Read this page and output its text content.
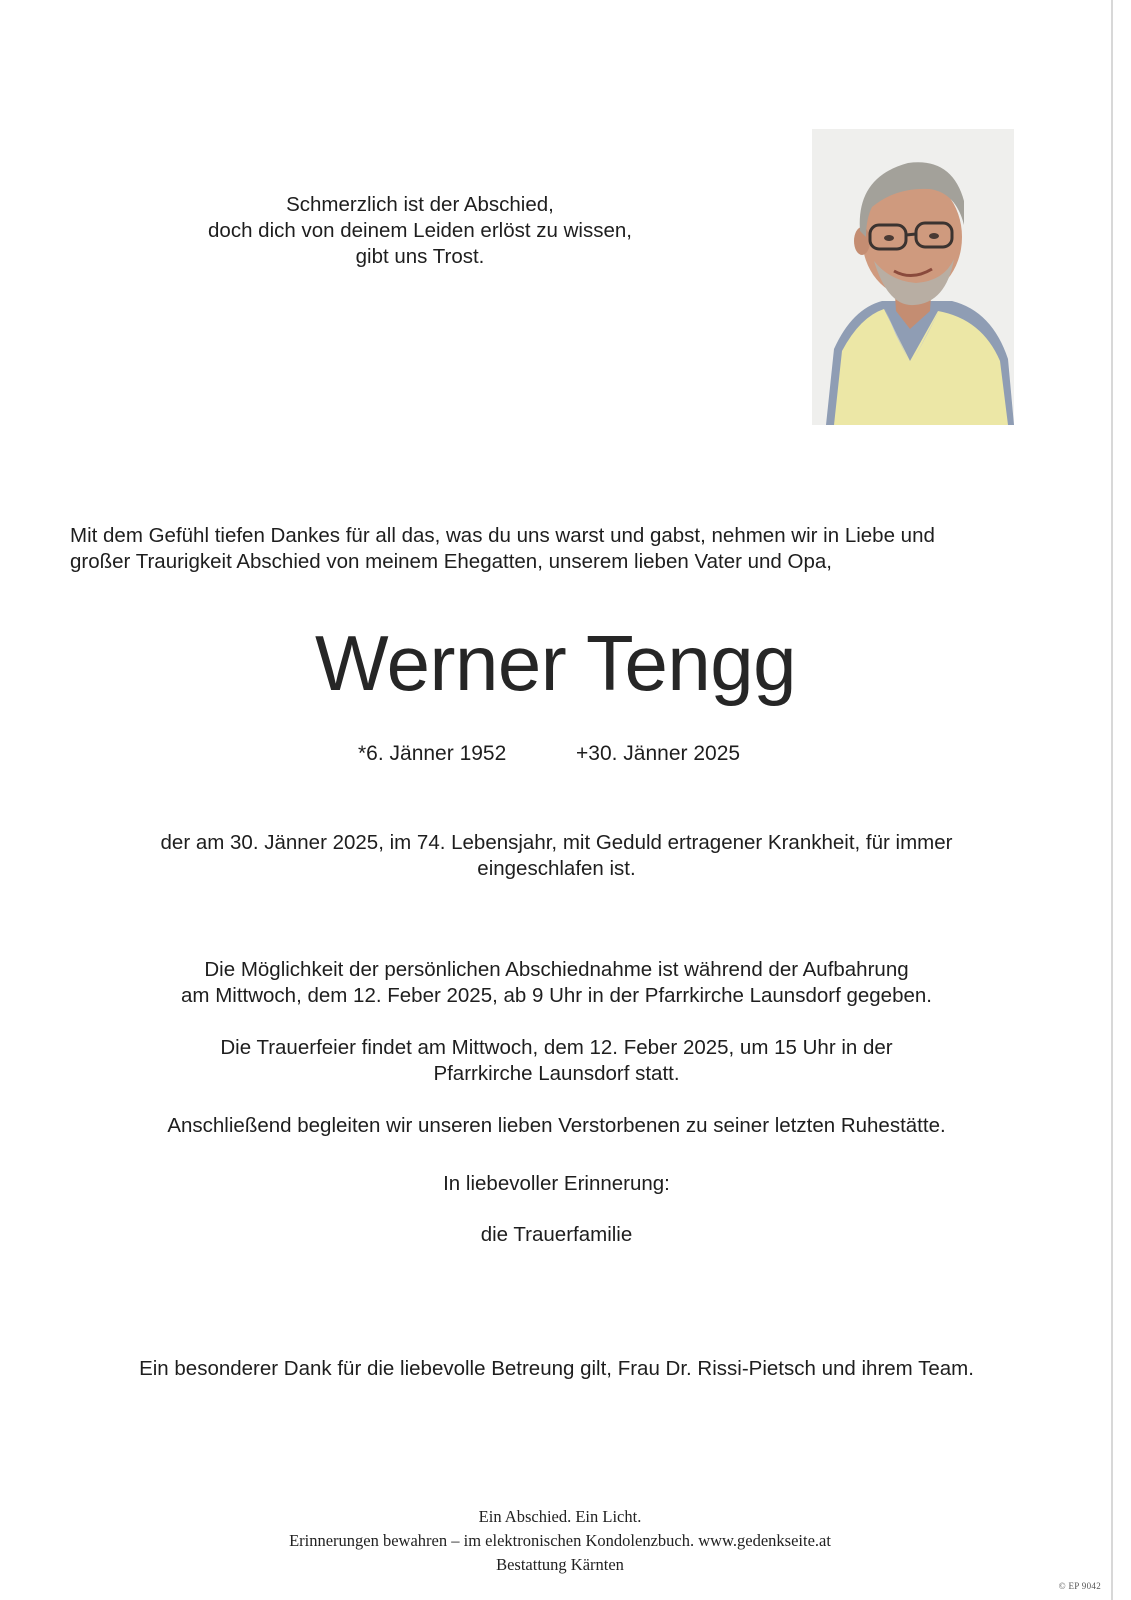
Schmerzlich ist der Abschied,
doch dich von deinem Leiden erlöst zu wissen,
gibt uns Trost.
Mit dem Gefühl tiefen Dankes für all das, was du uns warst und gabst, nehmen wir in Liebe und
großer Traurigkeit Abschied von meinem Ehegatten, unserem lieben Vater und Opa,
Werner Tengg
*6. Jänner 1952	+30. Jänner 2025
der am 30. Jänner 2025, im 74. Lebensjahr, mit Geduld ertragener Krankheit, für immer
eingeschlafen ist.
Die Möglichkeit der persönlichen Abschiednahme ist während der Aufbahrung
am Mittwoch, dem 12. Feber 2025, ab 9 Uhr in der Pfarrkirche Launsdorf gegeben.
Die Trauerfeier findet am Mittwoch, dem 12. Feber 2025, um 15 Uhr in der
Pfarrkirche Launsdorf statt.
Anschließend begleiten wir unseren lieben Verstorbenen zu seiner letzten Ruhestätte.
In liebevoller Erinnerung:
die Trauerfamilie
Ein besonderer Dank für die liebevolle Betreung gilt, Frau Dr. Rissi-Pietsch und ihrem Team.
Ein Abschied. Ein Licht.
Erinnerungen bewahren – im elektronischen Kondolenzbuch. www.gedenkseite.at
Bestattung Kärnten
© EP 9042
